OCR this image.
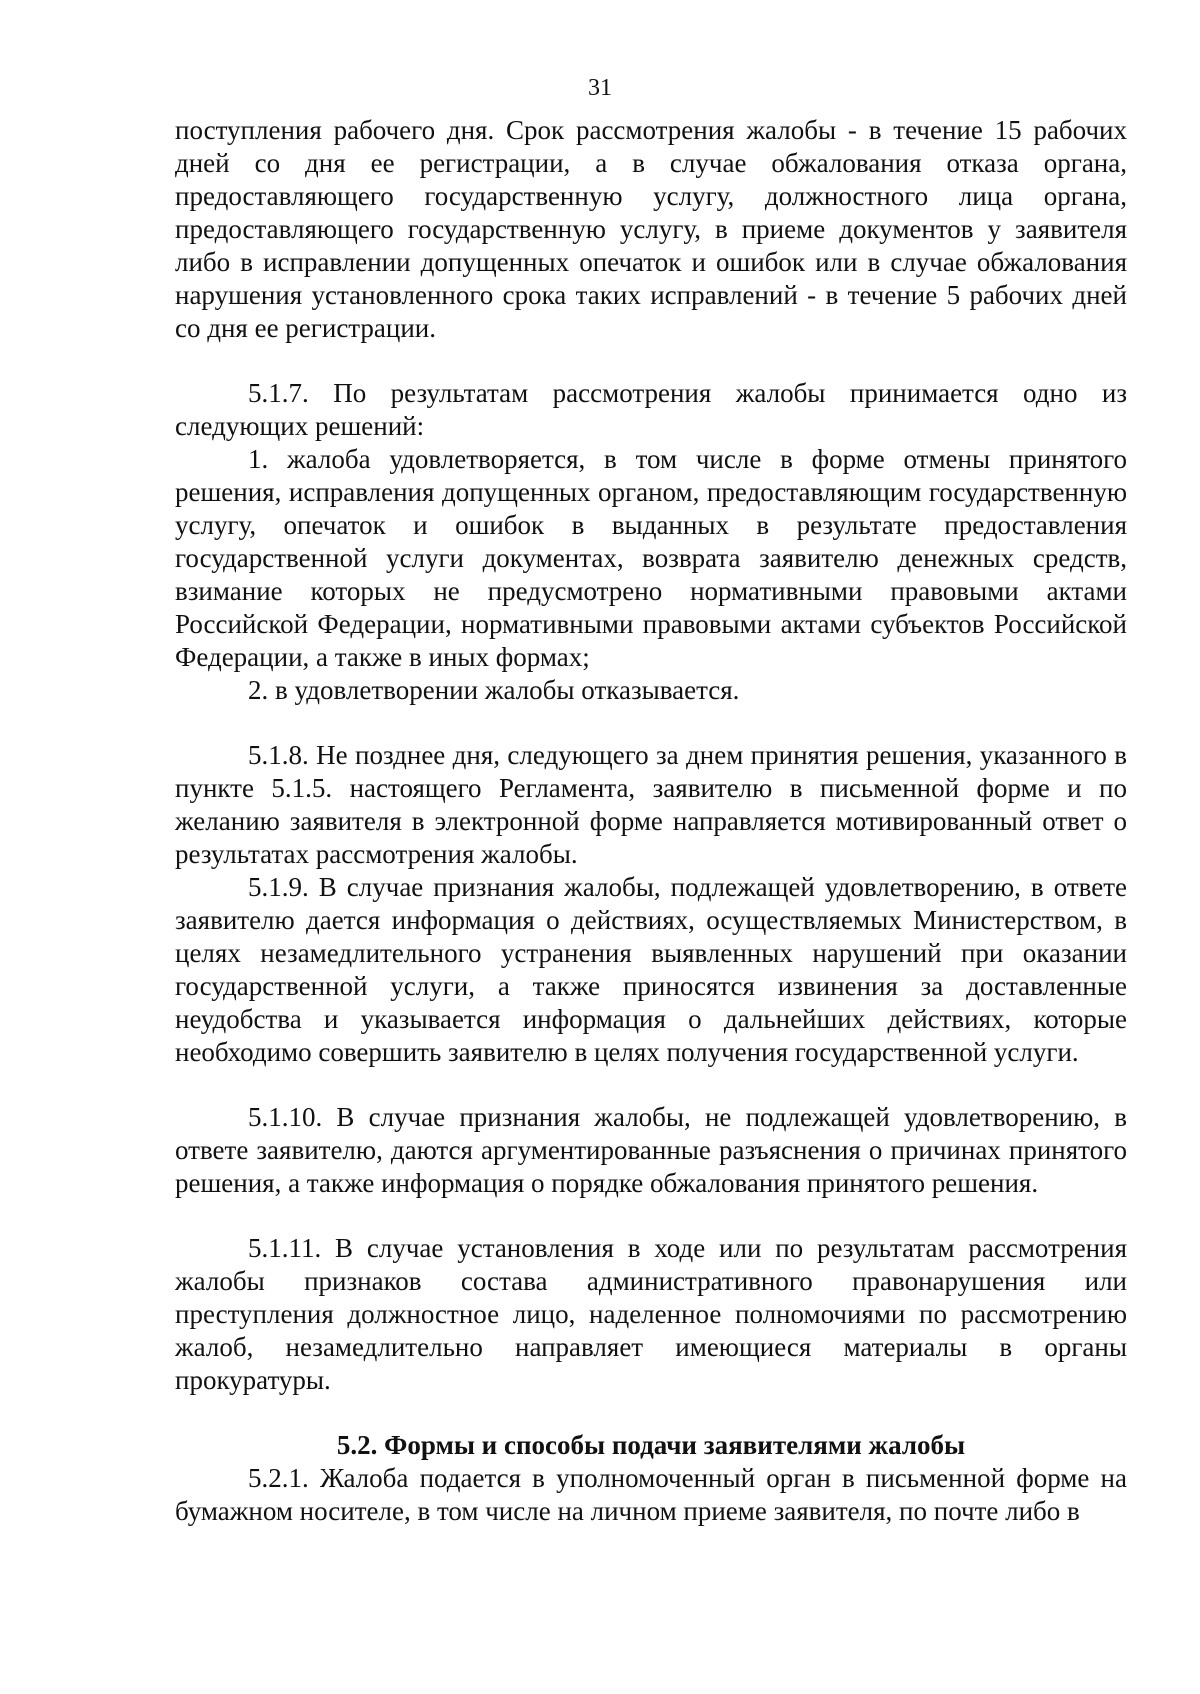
31

поступления рабочего дня. Срок рассмотрения жалобы - в течение 15 рабочих дней со дня ее регистрации, а в случае обжалования отказа органа, предоставляющего государственную услугу, должностного лица органа, предоставляющего государственную услугу, в приеме документов у заявителя либо в исправлении допущенных опечаток и ошибок или в случае обжалования нарушения установленного срока таких исправлений - в течение 5 рабочих дней со дня ее регистрации.

5.1.7. По результатам рассмотрения жалобы принимается одно из следующих решений:

1. жалоба удовлетворяется, в том числе в форме отмены принятого решения, исправления допущенных органом, предоставляющим государственную услугу, опечаток и ошибок в выданных в результате предоставления государственной услуги документах, возврата заявителю денежных средств, взимание которых не предусмотрено нормативными правовыми актами Российской Федерации, нормативными правовыми актами субъектов Российской Федерации, а также в иных формах;

2. в удовлетворении жалобы отказывается.

5.1.8. Не позднее дня, следующего за днем принятия решения, указанного в пункте 5.1.5. настоящего Регламента, заявителю в письменной форме и по желанию заявителя в электронной форме направляется мотивированный ответ о результатах рассмотрения жалобы.

5.1.9. В случае признания жалобы, подлежащей удовлетворению, в ответе заявителю дается информация о действиях, осуществляемых Министерством, в целях незамедлительного устранения выявленных нарушений при оказании государственной услуги, а также приносятся извинения за доставленные неудобства и указывается информация о дальнейших действиях, которые необходимо совершить заявителю в целях получения государственной услуги.

5.1.10. В случае признания жалобы, не подлежащей удовлетворению, в ответе заявителю, даются аргументированные разъяснения о причинах принятого решения, а также информация о порядке обжалования принятого решения.

5.1.11. В случае установления в ходе или по результатам рассмотрения жалобы признаков состава административного правонарушения или преступления должностное лицо, наделенное полномочиями по рассмотрению жалоб, незамедлительно направляет имеющиеся материалы в органы прокуратуры.

5.2. Формы и способы подачи заявителями жалобы

5.2.1. Жалоба подается в уполномоченный орган в письменной форме на бумажном носителе, в том числе на личном приеме заявителя, по почте либо в
